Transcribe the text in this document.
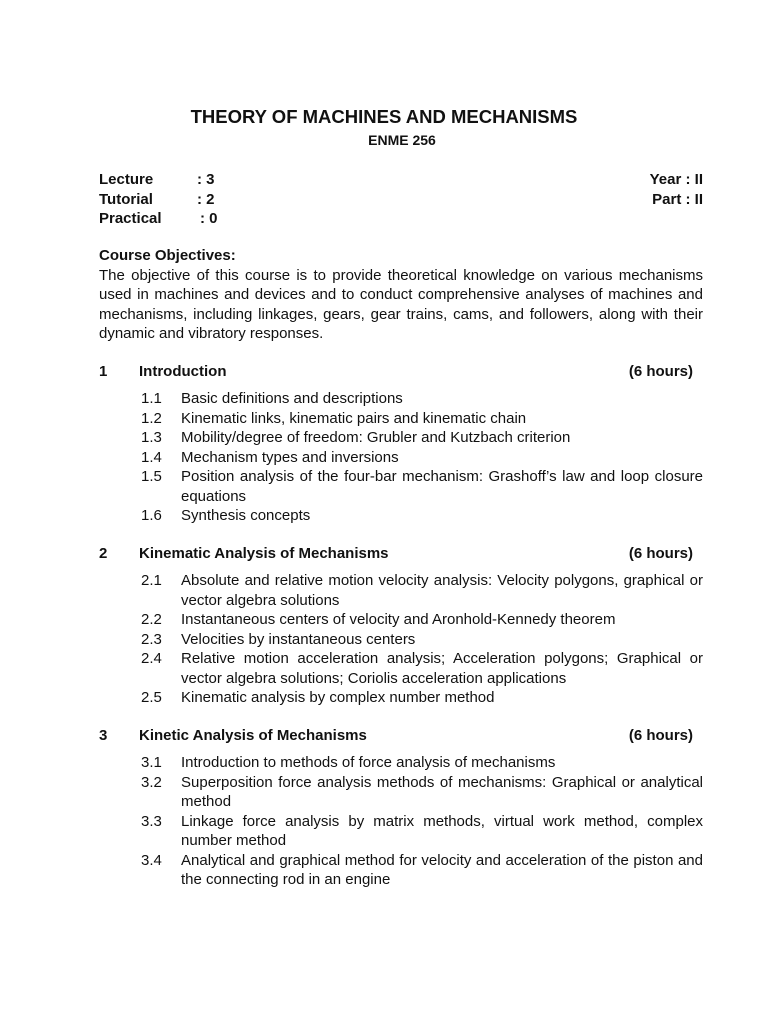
THEORY OF MACHINES AND MECHANISMS
ENME 256
Lecture	: 3
Tutorial	: 2
Practical	: 0
Year : II
Part : II
Course Objectives:

The objective of this course is to provide theoretical knowledge on various mechanisms used in machines and devices and to conduct comprehensive analyses of machines and mechanisms, including linkages, gears, gear trains, cams, and followers, along with their dynamic and vibratory responses.

1 Introduction	(6 hours)
1.1 Basic definitions and descriptions
1.2 Kinematic links, kinematic pairs and kinematic chain
1.3 Mobility/degree of freedom: Grubler and Kutzbach criterion
1.4 Mechanism types and inversions
1.5 Position analysis of the four-bar mechanism: Grashoff’s law and loop closure equations
1.6 Synthesis concepts
2 Kinematic Analysis of Mechanisms	(6 hours)
2.1 Absolute and relative motion velocity analysis: Velocity polygons, graphical or vector algebra solutions
2.2 Instantaneous centers of velocity and Aronhold-Kennedy theorem
2.3 Velocities by instantaneous centers
2.4 Relative motion acceleration analysis; Acceleration polygons; Graphical or vector algebra solutions; Coriolis acceleration applications
2.5 Kinematic analysis by complex number method
3 Kinetic Analysis of Mechanisms	(6 hours)
3.1 Introduction to methods of force analysis of mechanisms
3.2 Superposition force analysis methods of mechanisms: Graphical or analytical method
3.3 Linkage force analysis by matrix methods, virtual work method, complex number method
3.4 Analytical and graphical method for velocity and acceleration of the piston and the connecting rod in an engine
